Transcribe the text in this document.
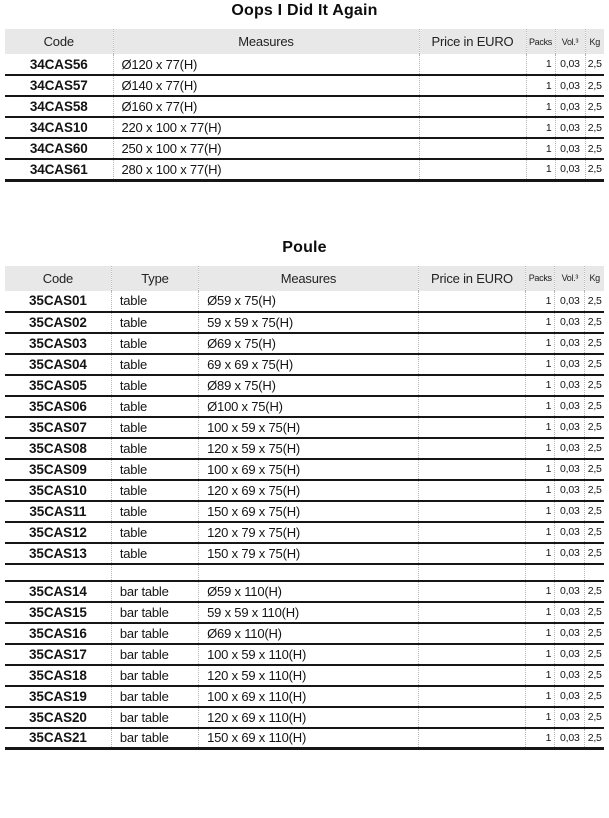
Oops I Did It Again
Code	Measures	Price in EURO	Packs	Vol.³	Kg
34CAS56	Ø120 x 77(H)		1	0,03	2,5
34CAS57	Ø140 x 77(H)		1	0,03	2,5
34CAS58	Ø160 x 77(H)		1	0,03	2,5
34CAS10	220 x 100 x 77(H)		1	0,03	2,5
34CAS60	250 x 100 x 77(H)		1	0,03	2,5
34CAS61	280 x 100 x 77(H)		1	0,03	2,5
Poule
Code	Type	Measures	Price in EURO	Packs	Vol.³	Kg
35CAS01	table	Ø59 x 75(H)		1	0,03	2,5
35CAS02	table	59 x 59 x 75(H)		1	0,03	2,5
35CAS03	table	Ø69 x 75(H)		1	0,03	2,5
35CAS04	table	69 x 69 x 75(H)		1	0,03	2,5
35CAS05	table	Ø89 x 75(H)		1	0,03	2,5
35CAS06	table	Ø100 x 75(H)		1	0,03	2,5
35CAS07	table	100 x 59 x 75(H)		1	0,03	2,5
35CAS08	table	120 x 59 x 75(H)		1	0,03	2,5
35CAS09	table	100 x 69 x 75(H)		1	0,03	2,5
35CAS10	table	120 x 69 x 75(H)		1	0,03	2,5
35CAS11	table	150 x 69 x 75(H)		1	0,03	2,5
35CAS12	table	120 x 79 x 75(H)		1	0,03	2,5
35CAS13	table	150 x 79 x 75(H)		1	0,03	2,5

35CAS14	bar table	Ø59 x 110(H)		1	0,03	2,5
35CAS15	bar table	59 x 59 x 110(H)		1	0,03	2,5
35CAS16	bar table	Ø69 x 110(H)		1	0,03	2,5
35CAS17	bar table	100 x 59 x 110(H)		1	0,03	2,5
35CAS18	bar table	120 x 59 x 110(H)		1	0,03	2,5
35CAS19	bar table	100 x 69 x 110(H)		1	0,03	2,5
35CAS20	bar table	120 x 69 x 110(H)		1	0,03	2,5
35CAS21	bar table	150 x 69 x 110(H)		1	0,03	2,5
